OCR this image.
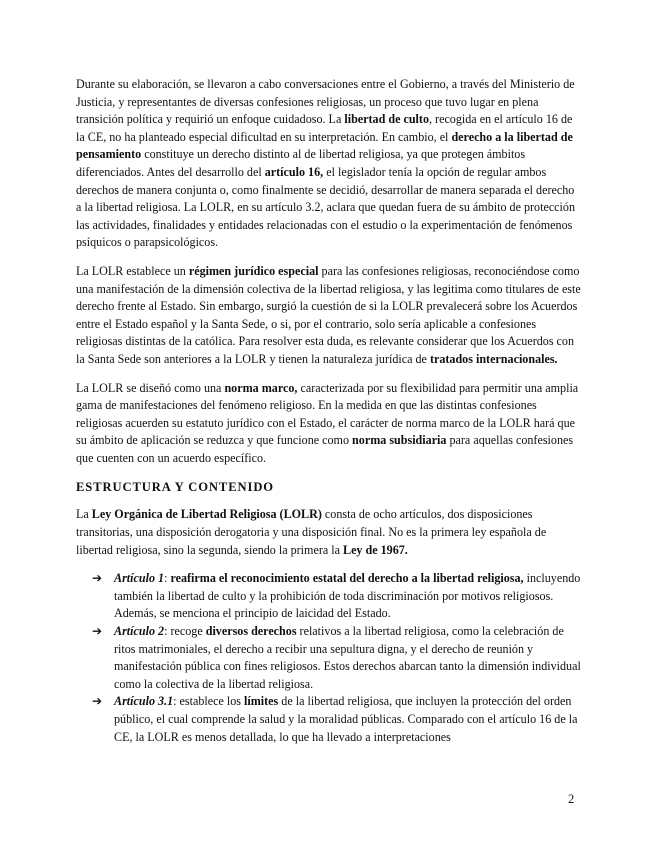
Durante su elaboración, se llevaron a cabo conversaciones entre el Gobierno, a través del Ministerio de Justicia, y representantes de diversas confesiones religiosas, un proceso que tuvo lugar en plena transición política y requirió un enfoque cuidadoso. La libertad de culto, recogida en el artículo 16 de la CE, no ha planteado especial dificultad en su interpretación. En cambio, el derecho a la libertad de pensamiento constituye un derecho distinto al de libertad religiosa, ya que protegen ámbitos diferenciados. Antes del desarrollo del artículo 16, el legislador tenía la opción de regular ambos derechos de manera conjunta o, como finalmente se decidió, desarrollar de manera separada el derecho a la libertad religiosa. La LOLR, en su artículo 3.2, aclara que quedan fuera de su ámbito de protección las actividades, finalidades y entidades relacionadas con el estudio o la experimentación de fenómenos psíquicos o parapsicológicos.

La LOLR establece un régimen jurídico especial para las confesiones religiosas, reconociéndose como una manifestación de la dimensión colectiva de la libertad religiosa, y las legitima como titulares de este derecho frente al Estado. Sin embargo, surgió la cuestión de si la LOLR prevalecerá sobre los Acuerdos entre el Estado español y la Santa Sede, o si, por el contrario, solo sería aplicable a confesiones religiosas distintas de la católica. Para resolver esta duda, es relevante considerar que los Acuerdos con la Santa Sede son anteriores a la LOLR y tienen la naturaleza jurídica de tratados internacionales.

La LOLR se diseñó como una norma marco, caracterizada por su flexibilidad para permitir una amplia gama de manifestaciones del fenómeno religioso. En la medida en que las distintas confesiones religiosas acuerden su estatuto jurídico con el Estado, el carácter de norma marco de la LOLR hará que su ámbito de aplicación se reduzca y que funcione como norma subsidiaria para aquellas confesiones que cuenten con un acuerdo específico.

ESTRUCTURA Y CONTENIDO

La Ley Orgánica de Libertad Religiosa (LOLR) consta de ocho artículos, dos disposiciones transitorias, una disposición derogatoria y una disposición final. No es la primera ley española de libertad religiosa, sino la segunda, siendo la primera la Ley de 1967.

➔ Artículo 1: reafirma el reconocimiento estatal del derecho a la libertad religiosa, incluyendo también la libertad de culto y la prohibición de toda discriminación por motivos religiosos. Además, se menciona el principio de laicidad del Estado.
➔ Artículo 2: recoge diversos derechos relativos a la libertad religiosa, como la celebración de ritos matrimoniales, el derecho a recibir una sepultura digna, y el derecho de reunión y manifestación pública con fines religiosos. Estos derechos abarcan tanto la dimensión individual como la colectiva de la libertad religiosa.
➔ Artículo 3.1: establece los límites de la libertad religiosa, que incluyen la protección del orden público, el cual comprende la salud y la moralidad públicas. Comparado con el artículo 16 de la CE, la LOLR es menos detallada, lo que ha llevado a interpretaciones
2
